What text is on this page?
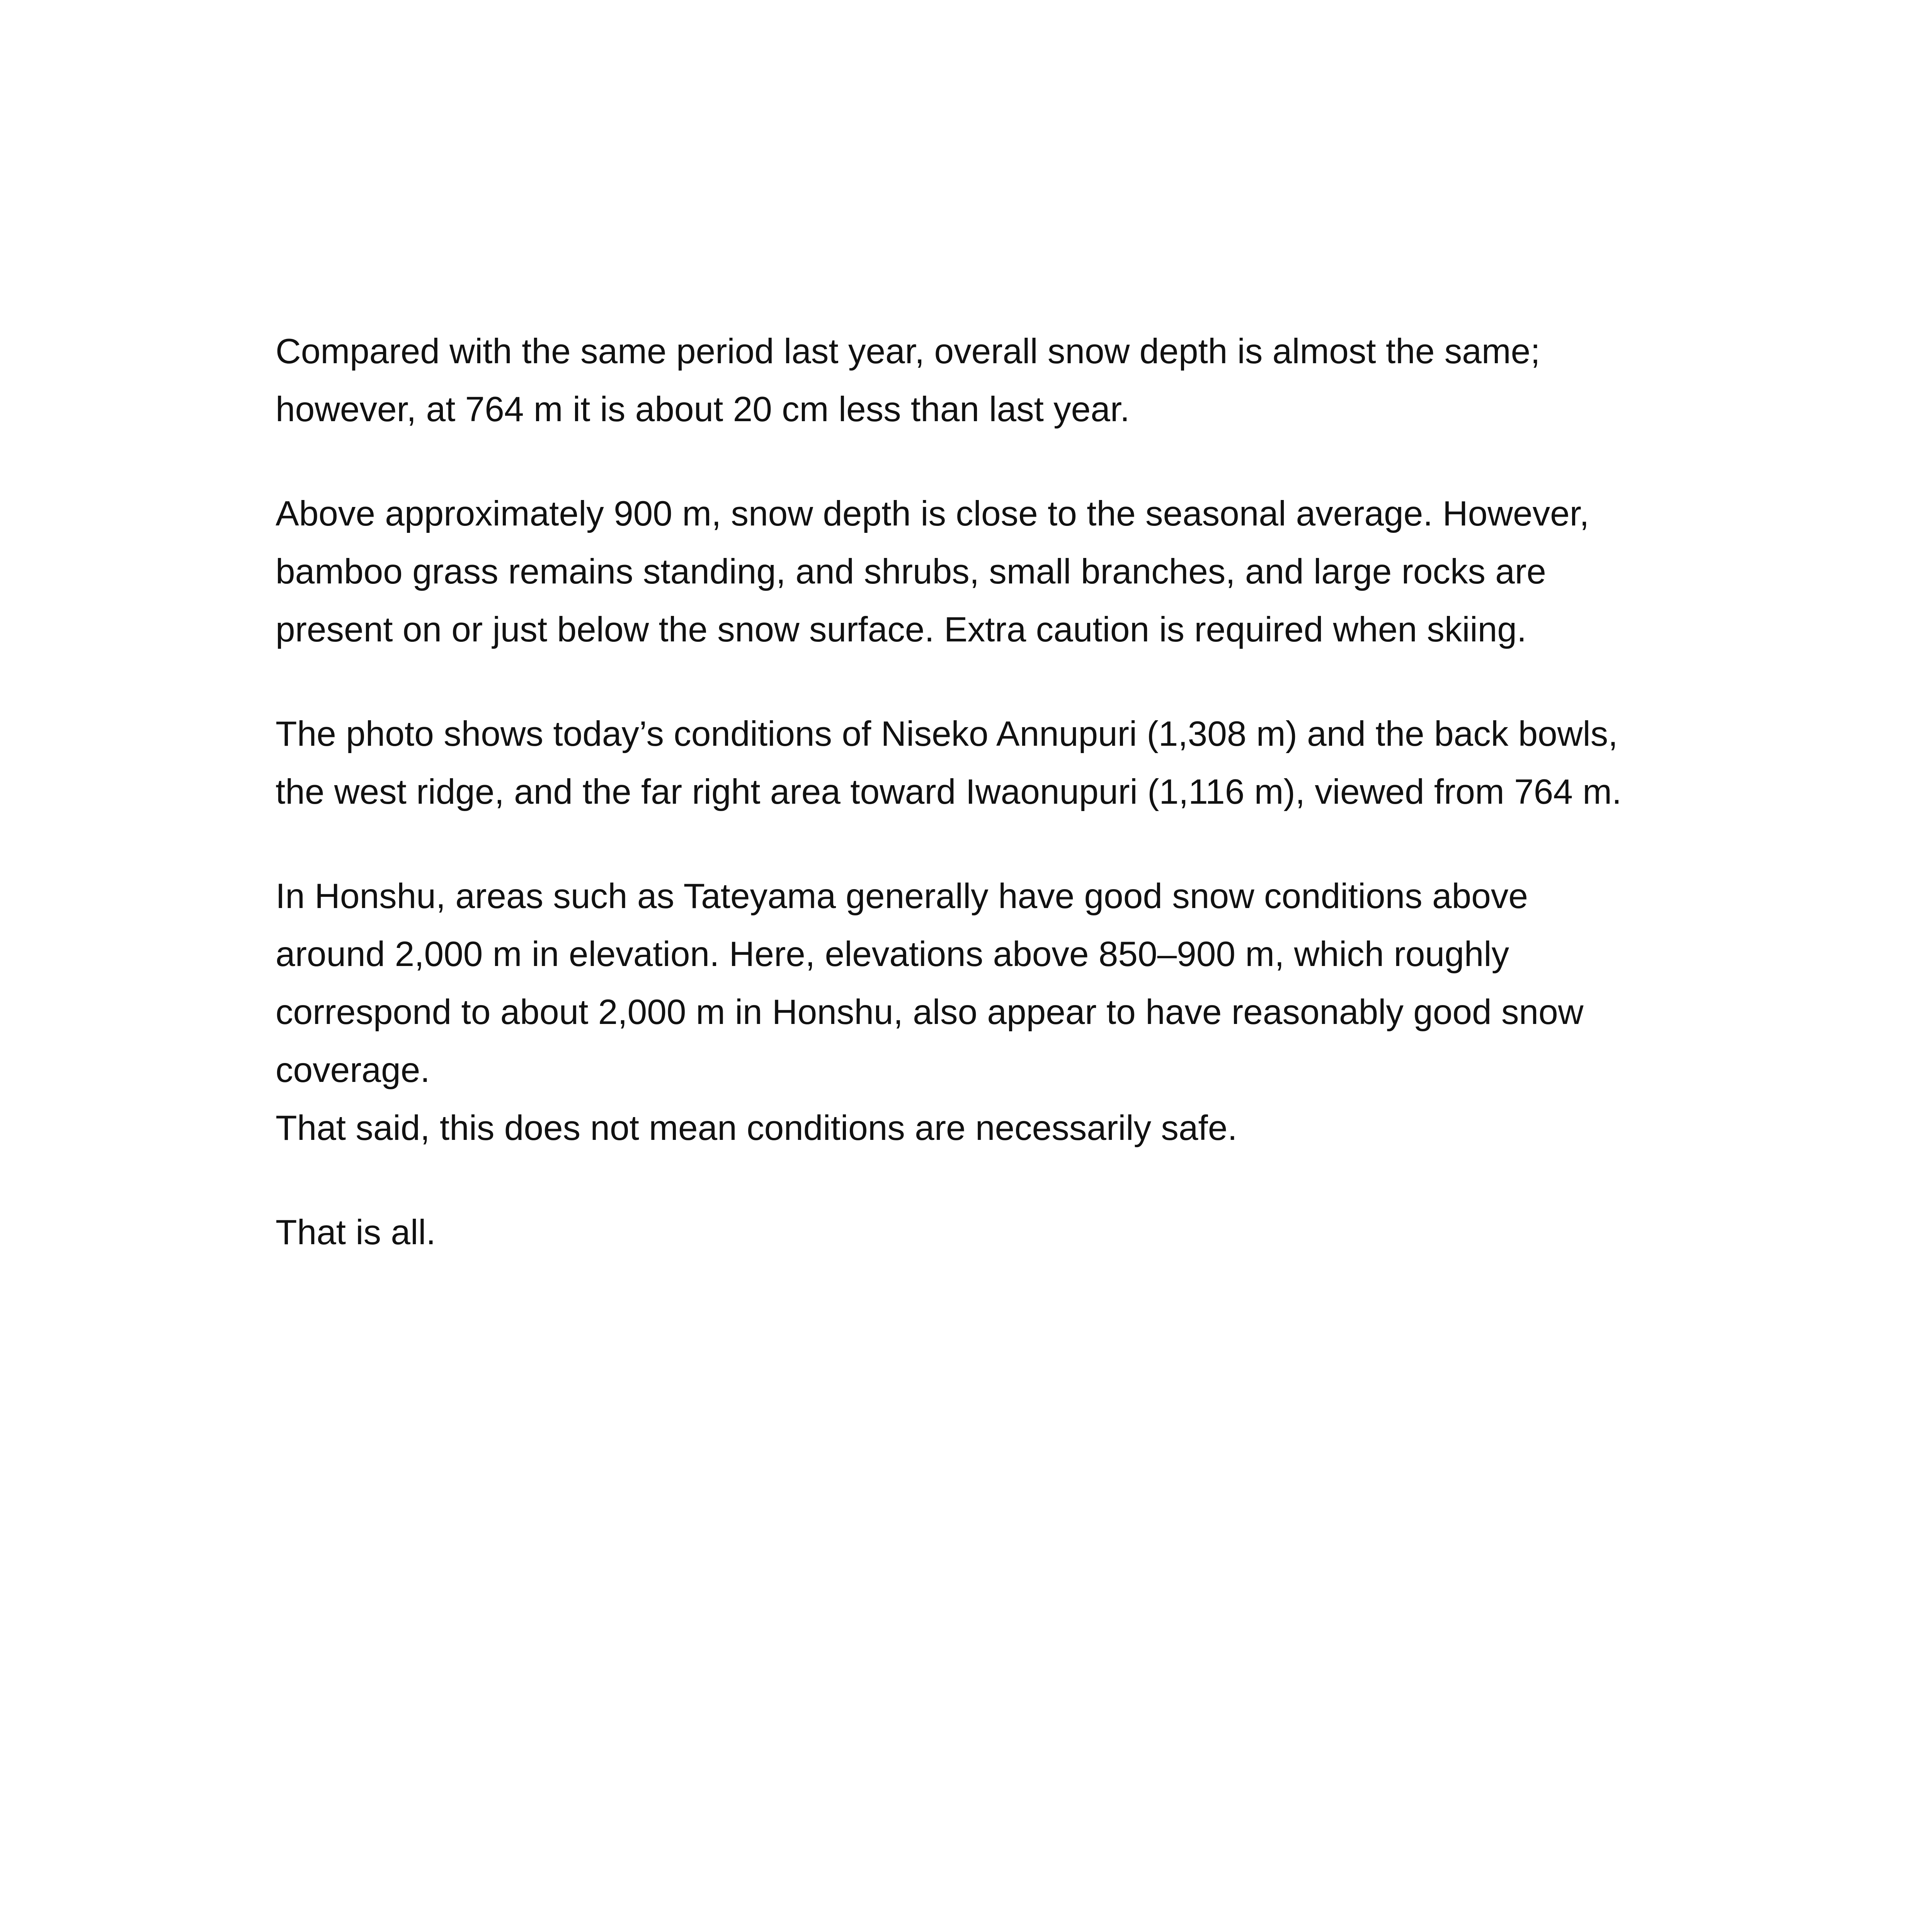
Compared with the same period last year, overall snow depth is almost the same;
however, at 764 m it is about 20 cm less than last year.

Above approximately 900 m, snow depth is close to the seasonal average. However,
bamboo grass remains standing, and shrubs, small branches, and large rocks are
present on or just below the snow surface. Extra caution is required when skiing.

The photo shows today’s conditions of Niseko Annupuri (1,308 m) and the back bowls,
the west ridge, and the far right area toward Iwaonupuri (1,116 m), viewed from 764 m.

In Honshu, areas such as Tateyama generally have good snow conditions above
around 2,000 m in elevation. Here, elevations above 850–900 m, which roughly
correspond to about 2,000 m in Honshu, also appear to have reasonably good snow
coverage.
That said, this does not mean conditions are necessarily safe.

That is all.
